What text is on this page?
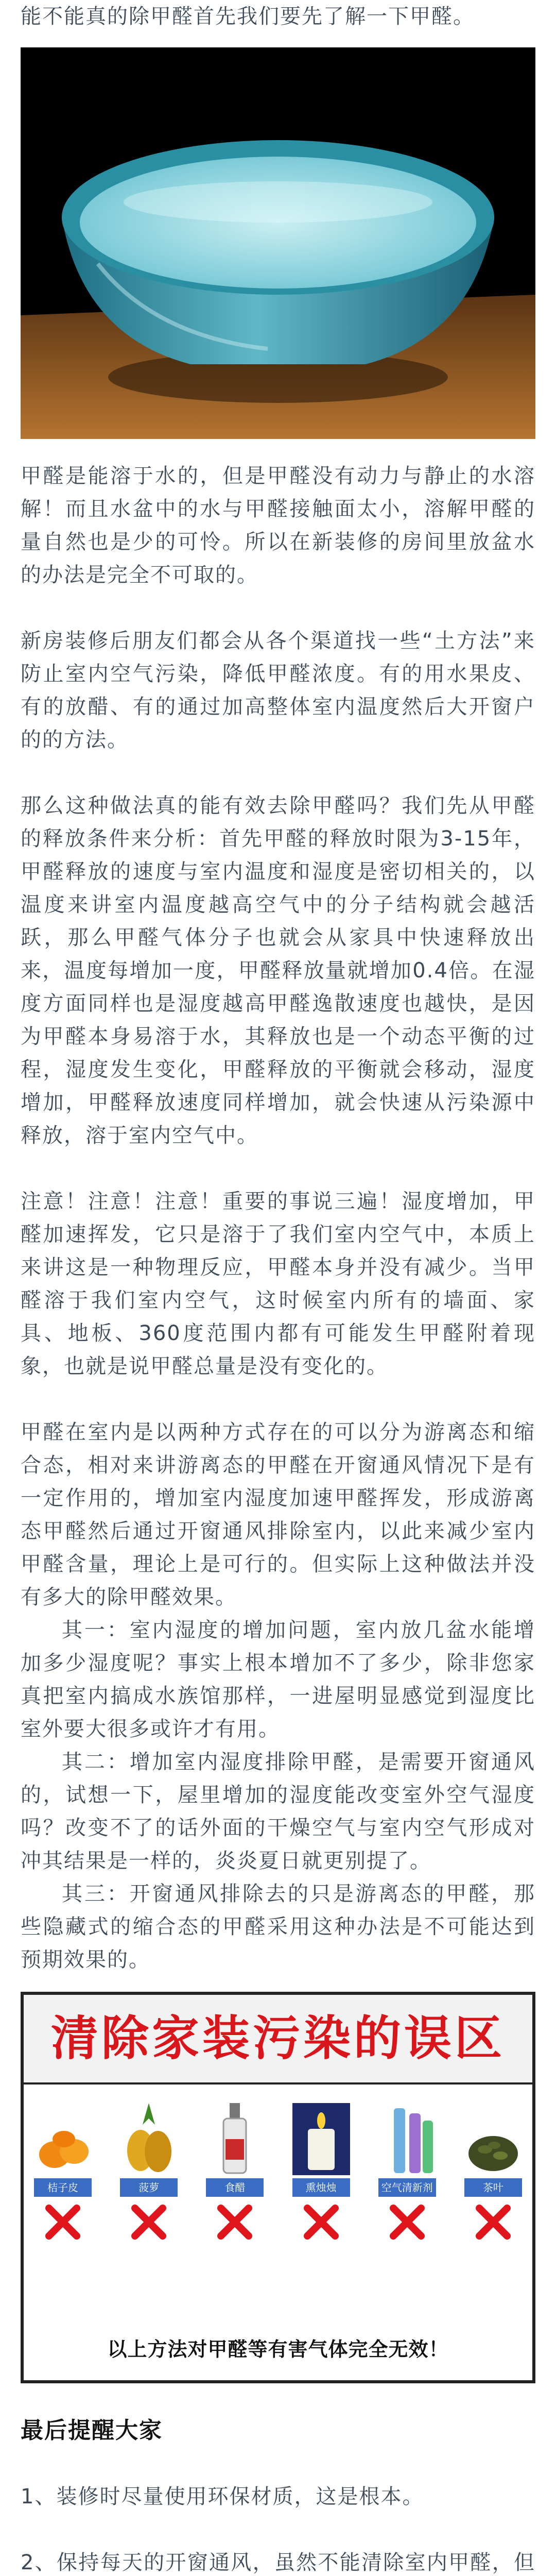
能不能真的除甲醛首先我们要先了解一下甲醛。

甲醛是能溶于水的，但是甲醛没有动力与静止的水溶解！而且水盆中的水与甲醛接触面太小，溶解甲醛的量自然也是少的可怜。所以在新装修的房间里放盆水的办法是完全不可取的。

新房装修后朋友们都会从各个渠道找一些“土方法”来防止室内空气污染，降低甲醛浓度。有的用水果皮、有的放醋、有的通过加高整体室内温度然后大开窗户的的方法。

那么这种做法真的能有效去除甲醛吗？我们先从甲醛的释放条件来分析：首先甲醛的释放时限为3-15年，甲醛释放的速度与室内温度和湿度是密切相关的，以温度来讲室内温度越高空气中的分子结构就会越活跃，那么甲醛气体分子也就会从家具中快速释放出来，温度每增加一度，甲醛释放量就增加0.4倍。在湿度方面同样也是湿度越高甲醛逸散速度也越快，是因为甲醛本身易溶于水，其释放也是一个动态平衡的过程，湿度发生变化，甲醛释放的平衡就会移动，湿度增加，甲醛释放速度同样增加，就会快速从污染源中释放，溶于室内空气中。

注意！注意！注意！重要的事说三遍！湿度增加，甲醛加速挥发，它只是溶于了我们室内空气中，本质上来讲这是一种物理反应，甲醛本身并没有减少。当甲醛溶于我们室内空气，这时候室内所有的墙面、家具、地板、360度范围内都有可能发生甲醛附着现象，也就是说甲醛总量是没有变化的。

甲醛在室内是以两种方式存在的可以分为游离态和缩合态，相对来讲游离态的甲醛在开窗通风情况下是有一定作用的，增加室内湿度加速甲醛挥发，形成游离态甲醛然后通过开窗通风排除室内，以此来减少室内甲醛含量，理论上是可行的。但实际上这种做法并没有多大的除甲醛效果。

其一：室内湿度的增加问题，室内放几盆水能增加多少湿度呢？事实上根本增加不了多少，除非您家真把室内搞成水族馆那样，一进屋明显感觉到湿度比室外要大很多或许才有用。

其二：增加室内湿度排除甲醛，是需要开窗通风的，试想一下，屋里增加的湿度能改变室外空气湿度吗？改变不了的话外面的干燥空气与室内空气形成对冲其结果是一样的，炎炎夏日就更别提了。

其三：开窗通风排除去的只是游离态的甲醛，那些隐藏式的缩合态的甲醛采用这种办法是不可能达到预期效果的。

清除家装污染的误区
桔子皮	菠萝	食醋	熏烛烛	空气清新剂	茶叶
以上方法对甲醛等有害气体完全无效！
最后提醒大家

1、装修时尽量使用环保材质，这是根本。

2、保持每天的开窗通风，虽然不能清除室内甲醛，但
